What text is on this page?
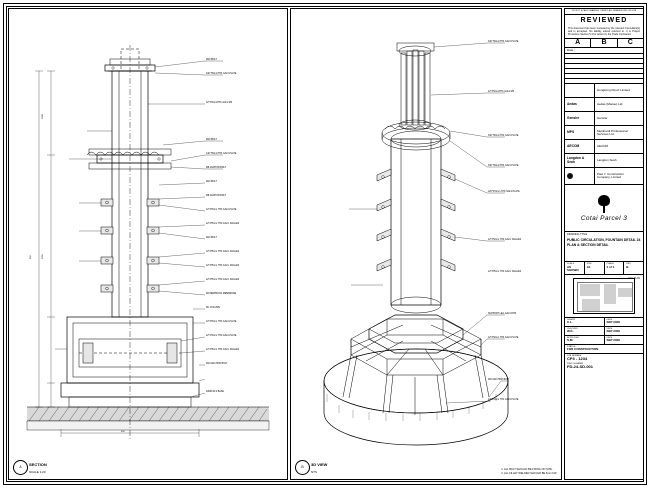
2000
1200
650
450
M16 BOLT
340 *50mmTHK GALV.PLATE
12*370mmTHK GALV.MS
M16 BOLT
140 *50mmTHK GALV.PLATE
M8 ANCHOR BOLT
M16 BOLT
M8 ANCHOR BOLT
12*370mm THK GALV.PLATE
12*375mm THK GALV. ANGLES
M16 BOLT
12*375mm THK GALV. ANGLES
12*375mm THK GALV. ANGLES
12*375mm THK GALV. ANGLES
WATERPROOF MEMBRANE
RC COLUMN
12*370mm THK GALV.PLATE
12*370mm THK GALV.PLATE
12*375mm THK GALV. ANGLES
M16 ANCHOR BOLT
40MM M.S BASE
A	SECTION
SCALE 1:20
340 *50mmTHK GALV.PLATE
12*370mmTHK GALV.MS
340 *50mmTHK GALV.PLATE
340 *50mmTHK GALV.PLATE
L20*370mm THK GALV.PLATE
12*370mm THK GALV. ANGLES
12*375mm THK GALV. ANGLES
SUPPORT LEG GALV.RHS
12*370mm THK GALV.PLATE
M16 ANCHOR BOLT
12*370mm THK GALV.PLATE
B	3D VIEW
NTS
1. ALL BOLT SHOULD BE FIXING ON SITE.
2. ALL FILLET WELDED SHOULD BE 6mm FW.
DO NOT SCALE DRAWING. VERIFY ALL DIMENSIONS ON SITE
REVIEWED
This document has been reviewed by the relevant Consultant(s) and is accepted. No liability unless referred to. It is Project Procedure Section 5.4 for action by the Trade Contractor.
A	B	C
Date :
Hongkong Direct Limited
Aedas	Aedas (Macau) Ltd.
Gensler	Gensler
MPS	Meinhardt Professional Services Ltd.
AECOM	AECOM
Langdon & Seah	Langdon Seah
Paul Y. Construction Company, Limited
Cotai Parcel 3
DRAWING TITLE
PUBLIC CIRCULATION, FOUNTAIN DETAIL 24 PLAN & SECTION DETAIL
SCALE
AS SHOWN
SIZE
A1
PHASE
1 of 1
REV.
B
KEY PLAN
DRAWN
C.L.
DATE
SEP 2009
CHECKED
W.K.
DATE
SEP 2009
APPROVED
S.M.
DATE
SEP 2009
STATUS
FOR CONSTRUCTION
JOB NUMBER
CP3 - 1234
DWG. NUMBER
FD-24-SD-001
